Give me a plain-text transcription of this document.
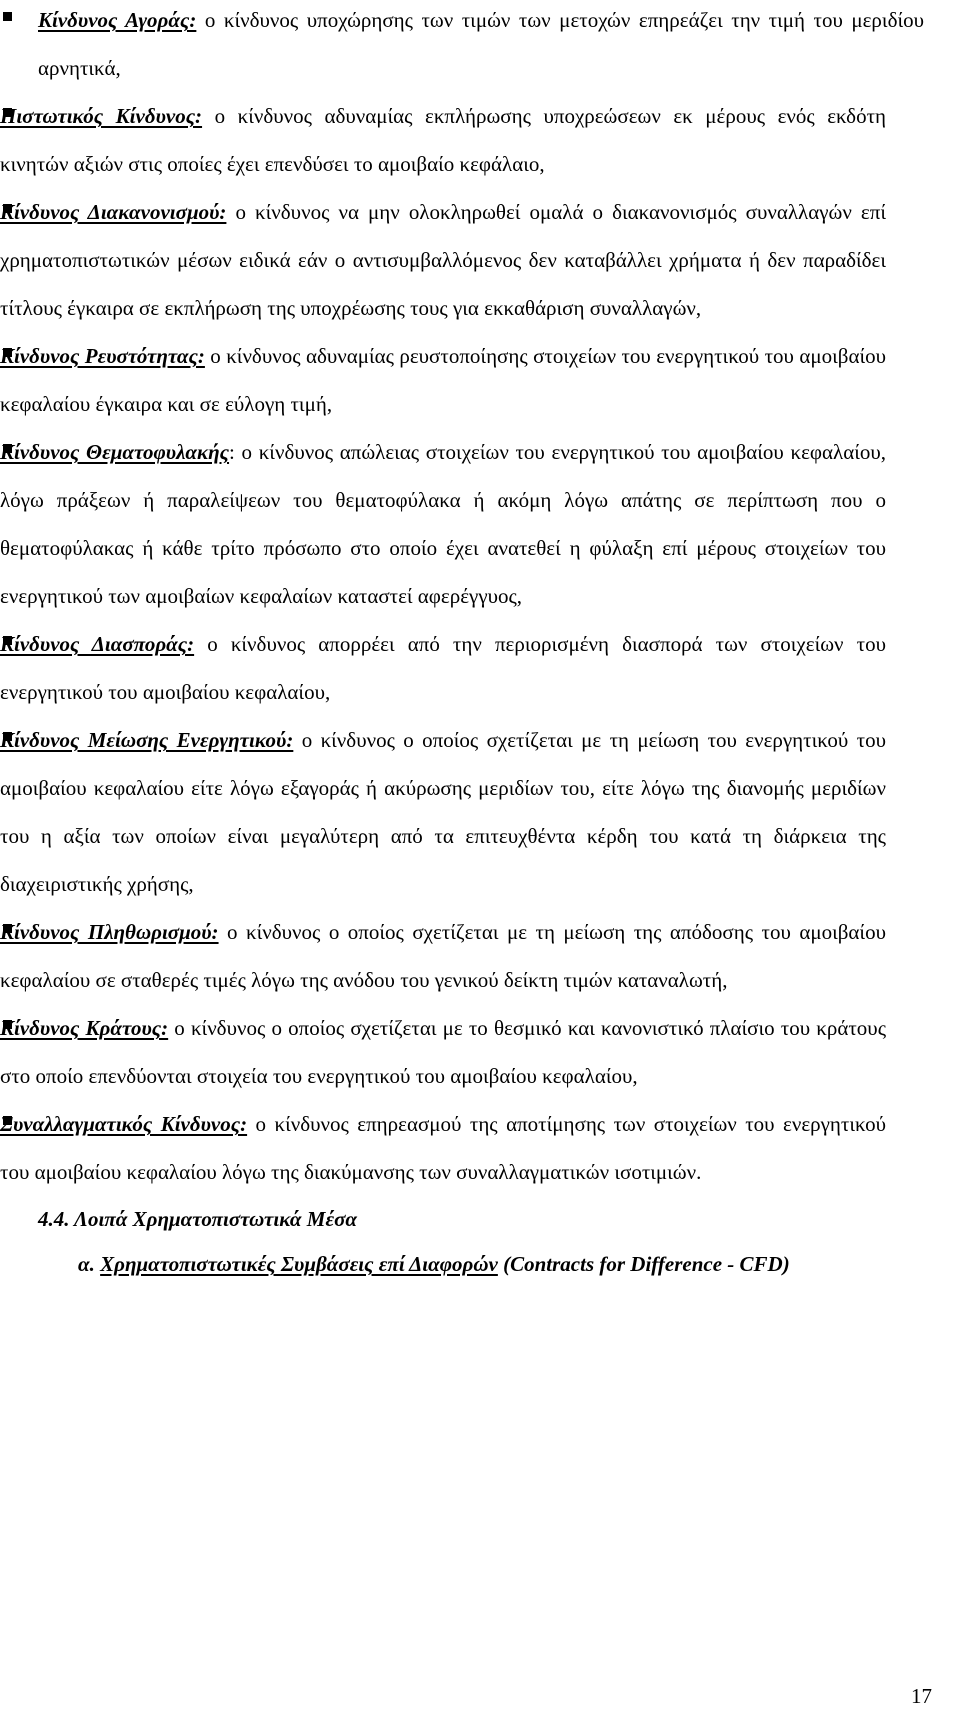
Κίνδυνος Αγοράς: ο κίνδυνος υποχώρησης των τιμών των μετοχών επηρεάζει την τιμή του μεριδίου αρνητικά,

Πιστωτικός Κίνδυνος: ο κίνδυνος αδυναμίας εκπλήρωσης υποχρεώσεων εκ μέρους ενός εκδότη κινητών αξιών στις οποίες έχει επενδύσει το αμοιβαίο κεφάλαιο,

Κίνδυνος Διακανονισμού: ο κίνδυνος να μην ολοκληρωθεί ομαλά ο διακανονισμός συναλλαγών επί χρηματοπιστωτικών μέσων ειδικά εάν ο αντισυμβαλλόμενος δεν καταβάλλει χρήματα ή δεν παραδίδει τίτλους έγκαιρα σε εκπλήρωση της υποχρέωσης τους για εκκαθάριση συναλλαγών,

Κίνδυνος Ρευστότητας: ο κίνδυνος αδυναμίας ρευστοποίησης στοιχείων του ενεργητικού του αμοιβαίου κεφαλαίου έγκαιρα και σε εύλογη τιμή,

Κίνδυνος Θεματοφυλακής: ο κίνδυνος απώλειας στοιχείων του ενεργητικού του αμοιβαίου κεφαλαίου, λόγω πράξεων ή παραλείψεων του θεματοφύλακα ή ακόμη λόγω απάτης σε περίπτωση που ο θεματοφύλακας ή κάθε τρίτο πρόσωπο στο οποίο έχει ανατεθεί η φύλαξη επί μέρους στοιχείων του ενεργητικού των αμοιβαίων κεφαλαίων καταστεί αφερέγγυος,

Κίνδυνος Διασποράς: ο κίνδυνος απορρέει από την περιορισμένη διασπορά των στοιχείων του ενεργητικού του αμοιβαίου κεφαλαίου,

Κίνδυνος Μείωσης Ενεργητικού: ο κίνδυνος ο οποίος σχετίζεται με τη μείωση του ενεργητικού του αμοιβαίου κεφαλαίου είτε λόγω εξαγοράς ή ακύρωσης μεριδίων του, είτε λόγω της διανομής μεριδίων του η αξία των οποίων είναι μεγαλύτερη από τα επιτευχθέντα κέρδη του κατά τη διάρκεια της διαχειριστικής χρήσης,

Κίνδυνος Πληθωρισμού: ο κίνδυνος ο οποίος σχετίζεται με τη μείωση της απόδοσης του αμοιβαίου κεφαλαίου σε σταθερές τιμές λόγω της ανόδου του γενικού δείκτη τιμών καταναλωτή,

Κίνδυνος Κράτους: ο κίνδυνος ο οποίος σχετίζεται με το θεσμικό και κανονιστικό πλαίσιο του κράτους στο οποίο επενδύονται στοιχεία του ενεργητικού του αμοιβαίου κεφαλαίου,

Συναλλαγματικός Κίνδυνος: ο κίνδυνος επηρεασμού της αποτίμησης των στοιχείων του ενεργητικού του αμοιβαίου κεφαλαίου λόγω της διακύμανσης των συναλλαγματικών ισοτιμιών.

4.4. Λοιπά Χρηματοπιστωτικά Μέσα
α. Χρηματοπιστωτικές Συμβάσεις επί Διαφορών (Contracts for Difference - CFD)
17
